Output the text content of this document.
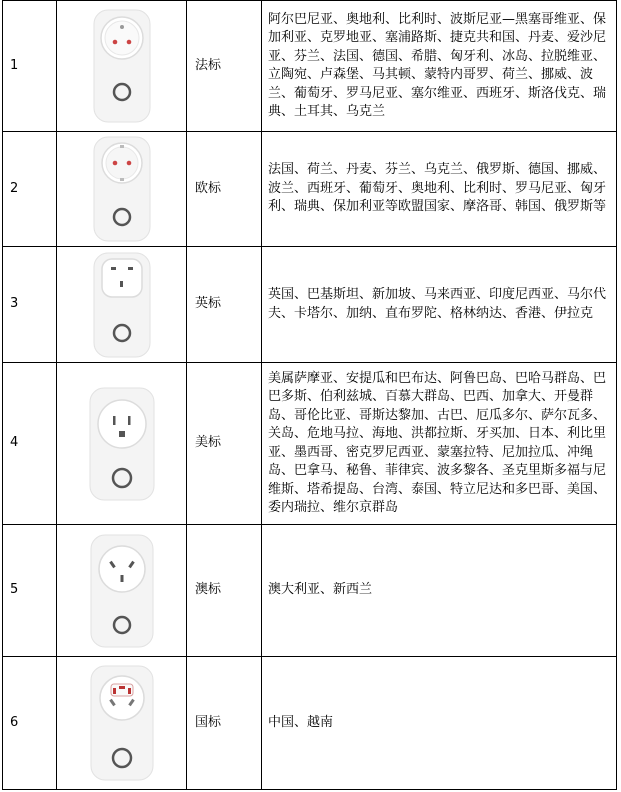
1		法标	阿尔巴尼亚、奥地利、比利时、波斯尼亚—黑塞哥维亚、保加利亚、克罗地亚、塞浦路斯、捷克共和国、丹麦、爱沙尼亚、芬兰、法国、德国、希腊、匈牙利、冰岛、拉脱维亚、立陶宛、卢森堡、马其顿、蒙特内哥罗、荷兰、挪威、波兰、葡萄牙、罗马尼亚、塞尔维亚、西班牙、斯洛伐克、瑞典、土耳其、乌克兰
2		欧标	法国、荷兰、丹麦、芬兰、乌克兰、俄罗斯、德国、挪威、波兰、西班牙、葡萄牙、奥地利、比利时、罗马尼亚、匈牙利、瑞典、保加利亚等欧盟国家、摩洛哥、韩国、俄罗斯等
3		英标	英国、巴基斯坦、新加坡、马来西亚、印度尼西亚、马尔代夫、卡塔尔、加纳、直布罗陀、格林纳达、香港、伊拉克
4		美标	美属萨摩亚、安提瓜和巴布达、阿鲁巴岛、巴哈马群岛、巴巴多斯、伯利兹城、百慕大群岛、巴西、加拿大、开曼群岛、哥伦比亚、哥斯达黎加、古巴、厄瓜多尔、萨尔瓦多、关岛、危地马拉、海地、洪都拉斯、牙买加、日本、利比里亚、墨西哥、密克罗尼西亚、蒙塞拉特、尼加拉瓜、冲绳岛、巴拿马、秘鲁、菲律宾、波多黎各、圣克里斯多福与尼维斯、塔希提岛、台湾、泰国、特立尼达和多巴哥、美国、委内瑞拉、维尔京群岛
5		澳标	澳大利亚、新西兰
6		国标	中国、越南
